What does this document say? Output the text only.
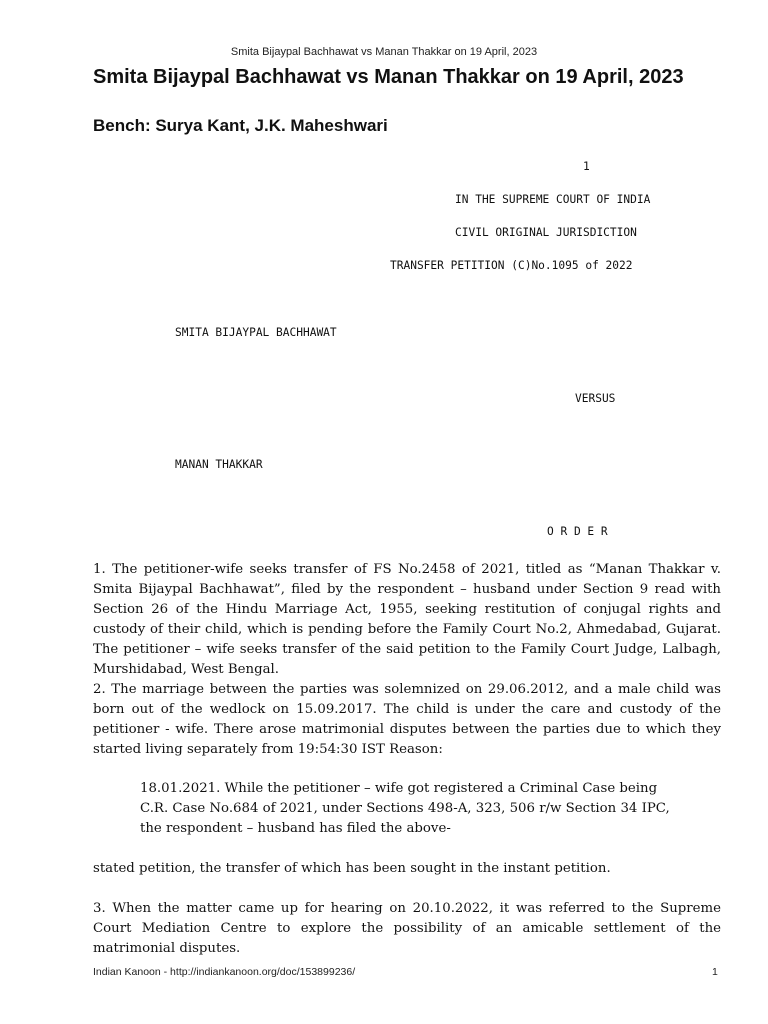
Smita Bijaypal Bachhawat vs Manan Thakkar on 19 April, 2023
Smita Bijaypal Bachhawat vs Manan Thakkar on 19 April, 2023
Bench: Surya Kant, J.K. Maheshwari
1
IN THE SUPREME COURT OF INDIA
CIVIL ORIGINAL JURISDICTION
TRANSFER PETITION (C)No.1095 of 2022
SMITA BIJAYPAL BACHHAWAT
VERSUS
MANAN THAKKAR
O R D E R

1. The petitioner-wife seeks transfer of FS No.2458 of 2021, titled as “Manan Thakkar v. Smita Bijaypal Bachhawat”, filed by the respondent – husband under Section 9 read with Section 26 of the Hindu Marriage Act, 1955, seeking restitution of conjugal rights and custody of their child, which is pending before the Family Court No.2, Ahmedabad, Gujarat. The petitioner – wife seeks transfer of the said petition to the Family Court Judge, Lalbagh, Murshidabad, West Bengal.

2. The marriage between the parties was solemnized on 29.06.2012, and a male child was born out of the wedlock on 15.09.2017. The child is under the care and custody of the petitioner - wife. There arose matrimonial disputes between the parties due to which they started living separately from 19:54:30 IST Reason:

18.01.2021. While the petitioner – wife got registered a Criminal Case being C.R. Case No.684 of 2021, under Sections 498-A, 323, 506 r/w Section 34 IPC, the respondent – husband has filed the above-

stated petition, the transfer of which has been sought in the instant petition.

3. When the matter came up for hearing on 20.10.2022, it was referred to the Supreme Court Mediation Centre to explore the possibility of an amicable settlement of the matrimonial disputes.

Indian Kanoon - http://indiankanoon.org/doc/153899236/	1
